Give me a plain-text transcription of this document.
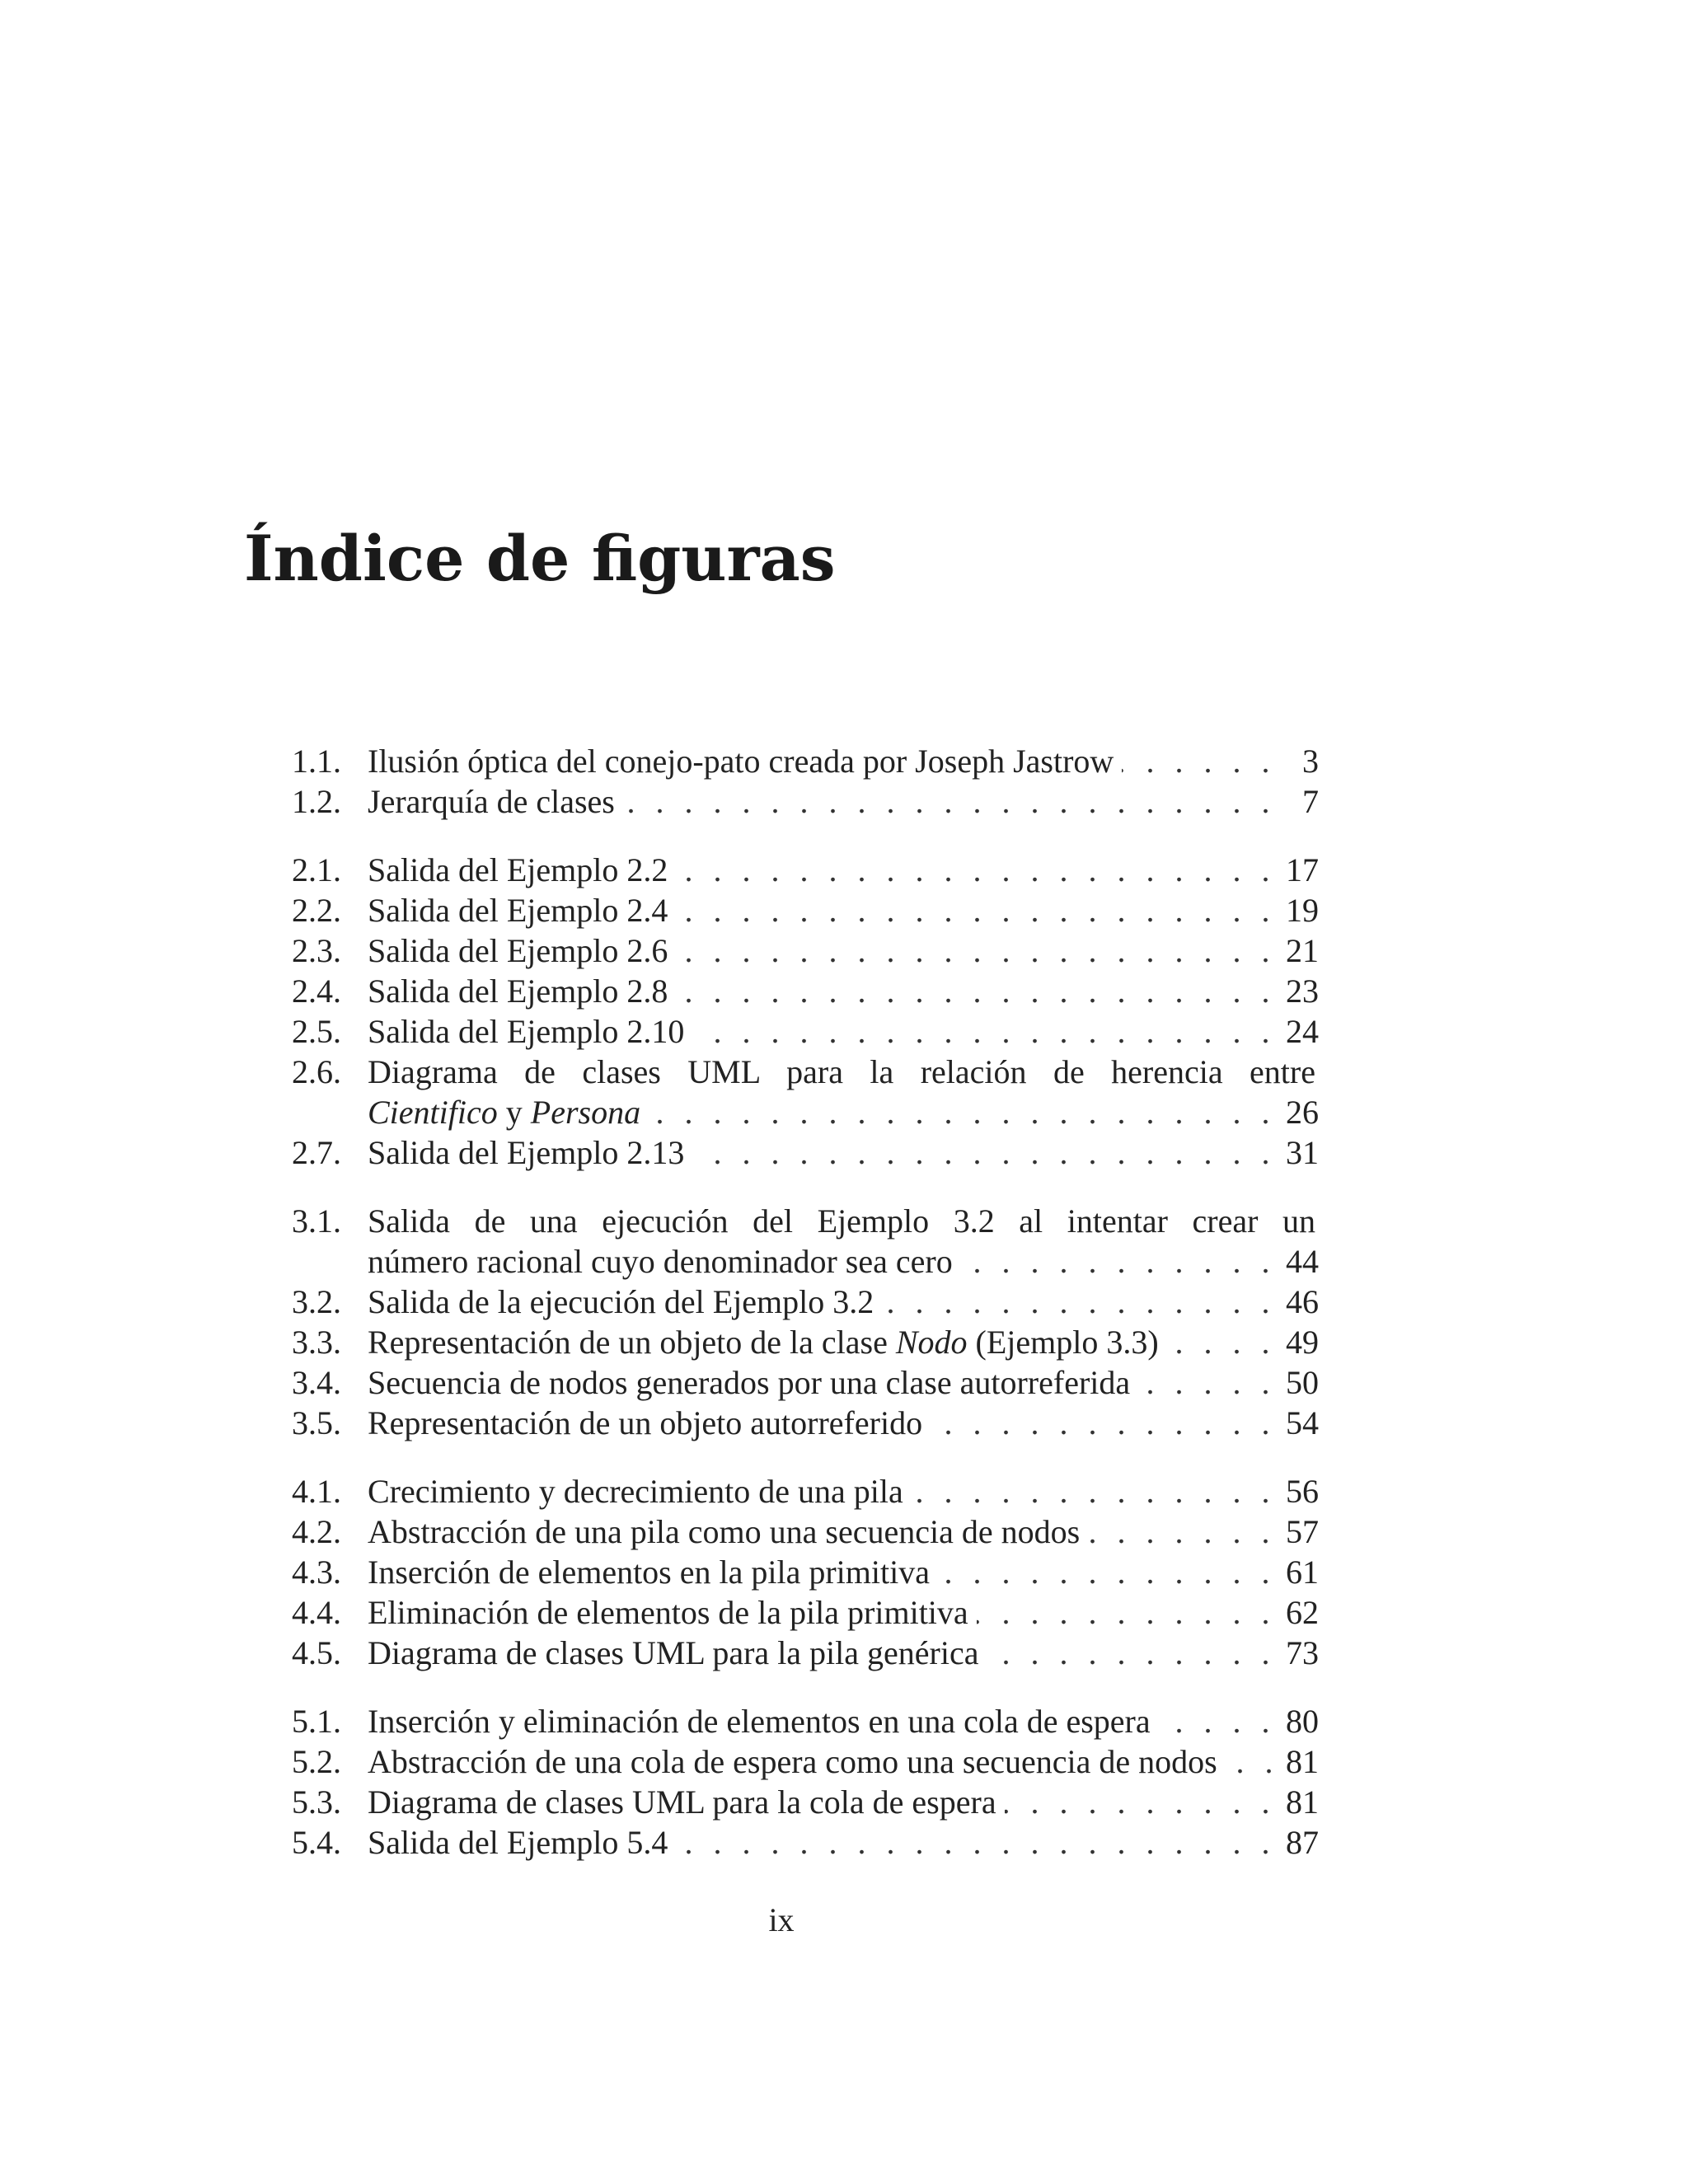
Índice de figuras
1.1. Ilusión óptica del conejo-pato creada por Joseph Jastrow . . .	3
1.2. Jerarquía de clases . . .	7
2.1. Salida del Ejemplo 2.2 . . .	17
2.2. Salida del Ejemplo 2.4 . . .	19
2.3. Salida del Ejemplo 2.6 . . .	21
2.4. Salida del Ejemplo 2.8 . . .	23
2.5. Salida del Ejemplo 2.10 . . .	24
2.6. Diagrama de clases UML para la relación de herencia entre
Cientifico y Persona . . .	26
2.7. Salida del Ejemplo 2.13 . . .	31
3.1. Salida de una ejecución del Ejemplo 3.2 al intentar crear un
número racional cuyo denominador sea cero . . .	44
3.2. Salida de la ejecución del Ejemplo 3.2 . . .	46
3.3. Representación de un objeto de la clase Nodo (Ejemplo 3.3) . . .	49
3.4. Secuencia de nodos generados por una clase autorreferida . . .	50
3.5. Representación de un objeto autorreferido . . .	54
4.1. Crecimiento y decrecimiento de una pila . . .	56
4.2. Abstracción de una pila como una secuencia de nodos . . .	57
4.3. Inserción de elementos en la pila primitiva . . .	61
4.4. Eliminación de elementos de la pila primitiva . . .	62
4.5. Diagrama de clases UML para la pila genérica . . .	73
5.1. Inserción y eliminación de elementos en una cola de espera . . .	80
5.2. Abstracción de una cola de espera como una secuencia de nodos . . . 81
5.3. Diagrama de clases UML para la cola de espera . . .	81
5.4. Salida del Ejemplo 5.4 . . .	87
ix
